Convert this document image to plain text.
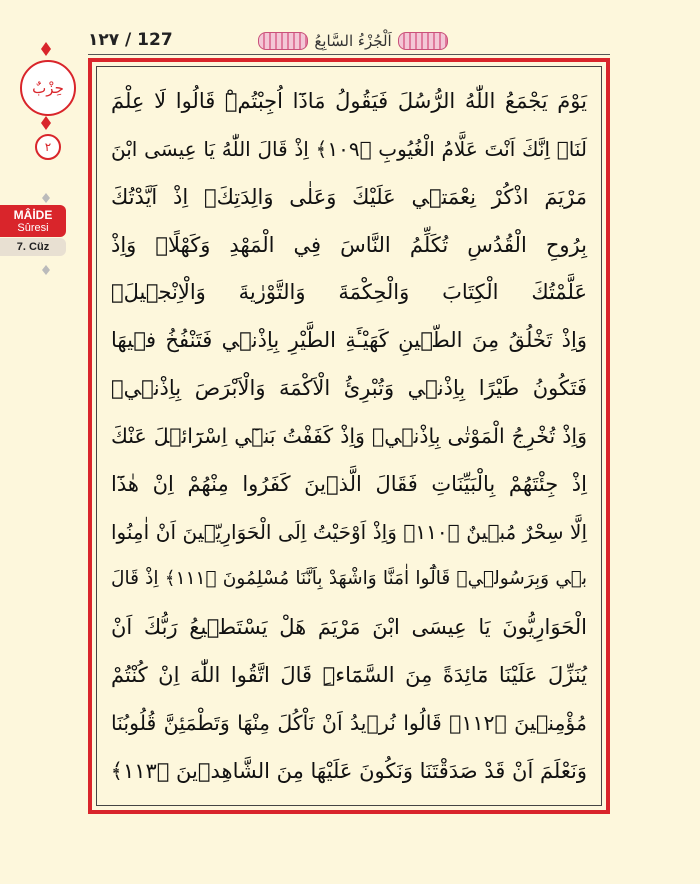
١٢٧ / 127	اَلْجُزْءُ السَّابِعُ
حِزْبٌ
٢
MÂİDE
Sûresi
7. Cüz
يَوْمَ يَجْمَعُ اللّٰهُ الرُّسُلَ فَيَقُولُ مَاذَٓا اُجِبْتُمْۜ قَالُوا لَا عِلْمَ
لَنَاۜ اِنَّكَ اَنْتَ عَلَّامُ الْغُيُوبِ ﴿١٠٩﴾ اِذْ قَالَ اللّٰهُ يَا عِيسَى ابْنَ
مَرْيَمَ اذْكُرْ نِعْمَت۪ي عَلَيْكَ وَعَلٰى وَالِدَتِكَۢ اِذْ اَيَّدْتُكَ
بِرُوحِ الْقُدُسِ تُكَلِّمُ النَّاسَ فِي الْمَهْدِ وَكَهْلًاۚ وَاِذْ
عَلَّمْتُكَ الْكِتَابَ وَالْحِكْمَةَ وَالتَّوْرٰيةَ وَالْاِنْج۪يلَۚ
وَاِذْ تَخْلُقُ مِنَ الطّ۪ينِ كَهَيْـَٔةِ الطَّيْرِ بِاِذْن۪ي فَتَنْفُخُ ف۪يهَا
فَتَكُونُ طَيْرًا بِاِذْن۪ي وَتُبْرِئُ الْاَكْمَهَ وَالْاَبْرَصَ بِاِذْن۪يۚ
وَاِذْ تُخْرِجُ الْمَوْتٰى بِاِذْن۪يۚ وَاِذْ كَفَفْتُ بَن۪ٓي اِسْرَٓائ۪لَ عَنْكَ
اِذْ جِئْتَهُمْ بِالْبَيِّنَاتِ فَقَالَ الَّذ۪ينَ كَفَرُوا مِنْهُمْ اِنْ هٰذَٓا
اِلَّا سِحْرٌ مُب۪ينٌ ﴿١١٠﴾ وَاِذْ اَوْحَيْتُ اِلَى الْحَوَارِيّ۪ينَ اَنْ اٰمِنُوا
ب۪ي وَبِرَسُول۪يۚ قَالُٓوا اٰمَنَّا وَاشْهَدْ بِاَنَّنَا مُسْلِمُونَ ﴿١١١﴾ اِذْ قَالَ
الْحَوَارِيُّونَ يَا عِيسَى ابْنَ مَرْيَمَ هَلْ يَسْتَط۪يعُ رَبُّكَ اَنْ
يُنَزِّلَ عَلَيْنَا مَٓائِدَةً مِنَ السَّمَٓاءِۜ قَالَ اتَّقُوا اللّٰهَ اِنْ كُنْتُمْ
مُؤْمِن۪ينَ ﴿١١٢﴾ قَالُوا نُر۪يدُ اَنْ نَاْكُلَ مِنْهَا وَتَطْمَئِنَّ قُلُوبُنَا
وَنَعْلَمَ اَنْ قَدْ صَدَقْتَنَا وَنَكُونَ عَلَيْهَا مِنَ الشَّاهِد۪ينَ ﴿١١٣﴾
